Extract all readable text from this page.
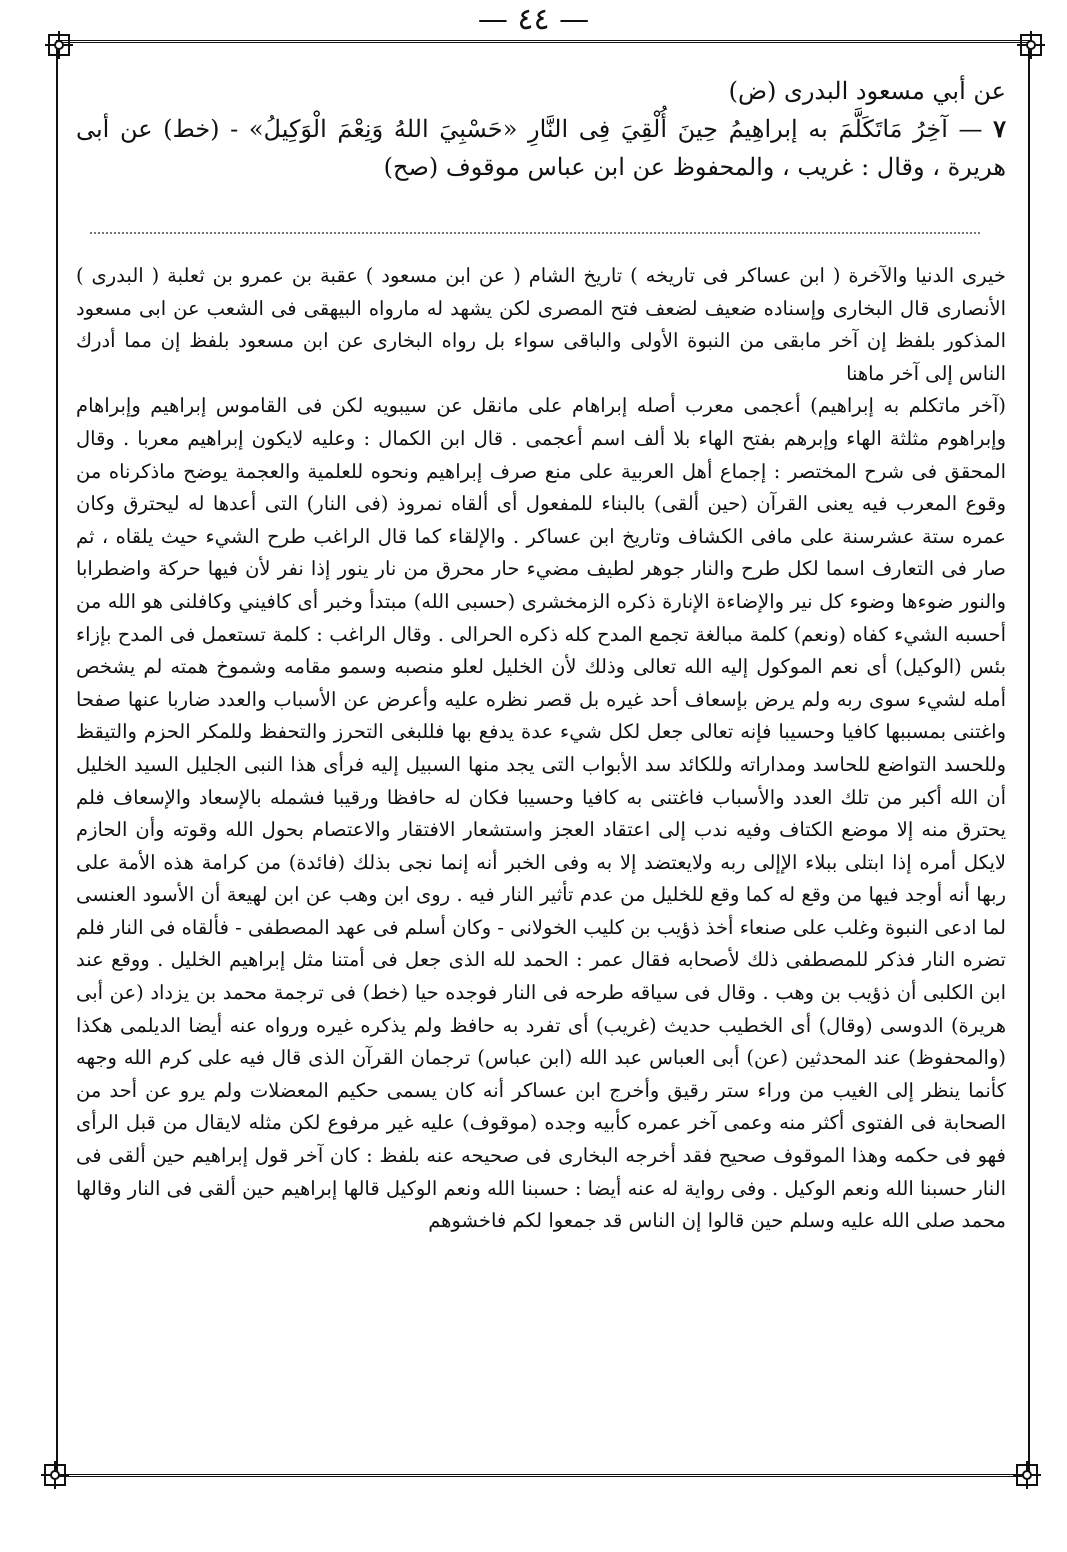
— ٤٤ —

عن أبي مسعود البدرى (ض)

٧ — آخِرُ مَاتَكَلَّمَ به إبراهِيمُ حِينَ أُلْقِيَ فِى النَّارِ «حَسْبِيَ اللهُ وَنِعْمَ الْوَكِيلُ» - (خط) عن أبى هريرة ، وقال : غريب ، والمحفوظ عن ابن عباس موقوف (صح)

خيرى الدنيا والآخرة ( ابن عساكر فى تاريخه ) تاريخ الشام ( عن ابن مسعود ) عقبة بن عمرو بن ثعلبة ( البدرى ) الأنصارى قال البخارى وإسناده ضعيف لضعف فتح المصرى لكن يشهد له مارواه البيهقى فى الشعب عن ابى مسعود المذكور بلفظ إن آخر مابقى من النبوة الأولى والباقى سواء بل رواه البخارى عن ابن مسعود بلفظ إن مما أدرك الناس إلى آخر ماهنا

(آخر ماتكلم به إبراهيم) أعجمى معرب أصله إبراهام على مانقل عن سيبويه لكن فى القاموس إبراهيم وإبراهام وإبراهوم مثلثة الهاء وإبرهم بفتح الهاء بلا ألف اسم أعجمى . قال ابن الكمال : وعليه لايكون إبراهيم معربا . وقال المحقق فى شرح المختصر : إجماع أهل العربية على منع صرف إبراهيم ونحوه للعلمية والعجمة يوضح ماذكرناه من وقوع المعرب فيه يعنى القرآن (حين ألقى) بالبناء للمفعول أى ألقاه نمروذ (فى النار) التى أعدها له ليحترق وكان عمره ستة عشرسنة على مافى الكشاف وتاريخ ابن عساكر . والإلقاء كما قال الراغب طرح الشيء حيث يلقاه ، ثم صار فى التعارف اسما لكل طرح والنار جوهر لطيف مضيء حار محرق من نار ينور إذا نفر لأن فيها حركة واضطرابا والنور ضوءها وضوء كل نير والإضاءة الإنارة ذكره الزمخشرى (حسبى الله) مبتدأ وخبر أى كافيني وكافلنى هو الله من أحسبه الشيء كفاه (ونعم) كلمة مبالغة تجمع المدح كله ذكره الحرالى . وقال الراغب : كلمة تستعمل فى المدح بإزاء بئس (الوكيل) أى نعم الموكول إليه الله تعالى وذلك لأن الخليل لعلو منصبه وسمو مقامه وشموخ همته لم يشخص أمله لشيء سوى ربه ولم يرض بإسعاف أحد غيره بل قصر نظره عليه وأعرض عن الأسباب والعدد ضاربا عنها صفحا واغتنى بمسببها كافيا وحسيبا فإنه تعالى جعل لكل شيء عدة يدفع بها فللبغى التحرز والتحفظ وللمكر الحزم والتيقظ وللحسد التواضع للحاسد ومداراته وللكائد سد الأبواب التى يجد منها السبيل إليه فرأى هذا النبى الجليل السيد الخليل أن الله أكبر من تلك العدد والأسباب فاغتنى به كافيا وحسيبا فكان له حافظا ورقيبا فشمله بالإسعاد والإسعاف فلم يحترق منه إلا موضع الكتاف وفيه ندب إلى اعتقاد العجز واستشعار الافتقار والاعتصام بحول الله وقوته وأن الحازم لايكل أمره إذا ابتلى ببلاء الإإلى ربه ولايعتضد إلا به وفى الخبر أنه إنما نجى بذلك (فائدة) من كرامة هذه الأمة على ربها أنه أوجد فيها من وقع له كما وقع للخليل من عدم تأثير النار فيه . روى ابن وهب عن ابن لهيعة أن الأسود العنسى لما ادعى النبوة وغلب على صنعاء أخذ ذؤيب بن كليب الخولانى - وكان أسلم فى عهد المصطفى - فألقاه فى النار فلم تضره النار فذكر للمصطفى ذلك لأصحابه فقال عمر : الحمد لله الذى جعل فى أمتنا مثل إبراهيم الخليل . ووقع عند ابن الكلبى أن ذؤيب بن وهب . وقال فى سياقه طرحه فى النار فوجده حيا (خط) فى ترجمة محمد بن يزداد (عن أبى هريرة) الدوسى (وقال) أى الخطيب حديث (غريب) أى تفرد به حافظ ولم يذكره غيره ورواه عنه أيضا الديلمى هكذا (والمحفوظ) عند المحدثين (عن) أبى العباس عبد الله (ابن عباس) ترجمان القرآن الذى قال فيه على كرم الله وجهه كأنما ينظر إلى الغيب من وراء ستر رقيق وأخرج ابن عساكر أنه كان يسمى حكيم المعضلات ولم يرو عن أحد من الصحابة فى الفتوى أكثر منه وعمى آخر عمره كأبيه وجده (موقوف) عليه غير مرفوع لكن مثله لايقال من قبل الرأى فهو فى حكمه وهذا الموقوف صحيح فقد أخرجه البخارى فى صحيحه عنه بلفظ : كان آخر قول إبراهيم حين ألقى فى النار حسبنا الله ونعم الوكيل . وفى رواية له عنه أيضا : حسبنا الله ونعم الوكيل قالها إبراهيم حين ألقى فى النار وقالها محمد صلى الله عليه وسلم حين قالوا إن الناس قد جمعوا لكم فاخشوهم
